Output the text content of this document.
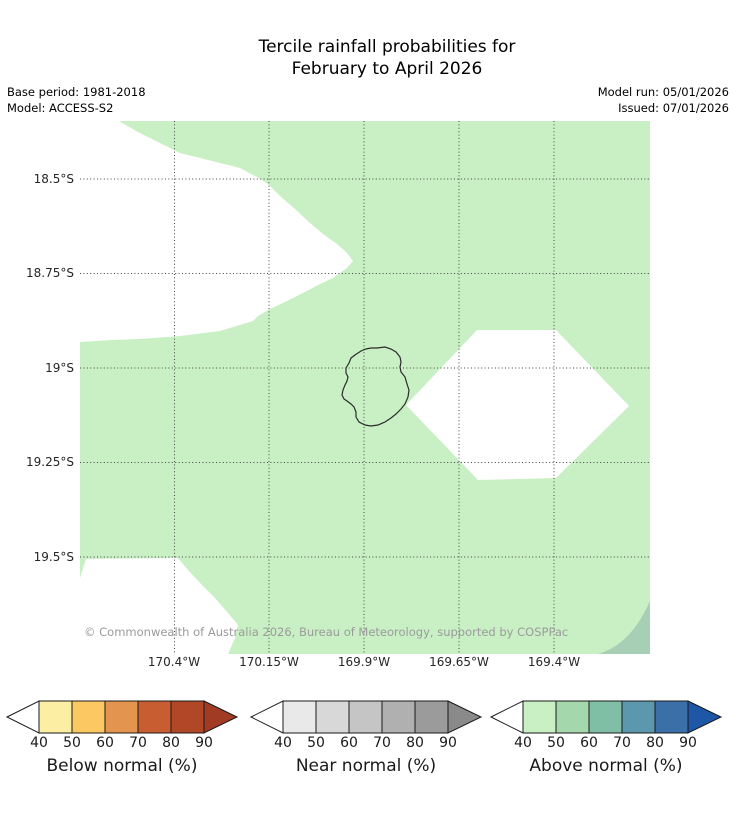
Tercile rainfall probabilities for
February to April 2026
Base period: 1981-2018
Model: ACCESS-S2
Model run: 05/01/2026
Issued: 07/01/2026
18.5°S
18.75°S
19°S
19.25°S
19.5°S
170.4°W	170.15°W	169.9°W	169.65°W	169.4°W
© Commonwealth of Australia 2026, Bureau of Meteorology, supported by COSPPac
40 50 60 70 80 90
Below normal (%)
40 50 60 70 80 90
Near normal (%)
40 50 60 70 80 90
Above normal (%)
